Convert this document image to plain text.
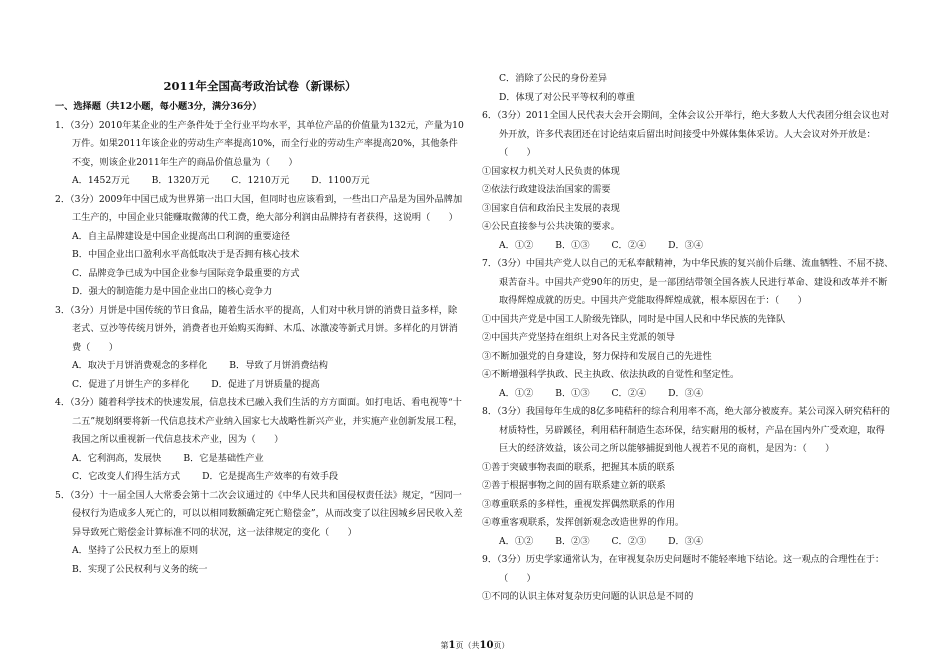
2011年全国高考政治试卷（新课标）
一、选择题（共12小题，每小题3分，满分36分）
1．（3分）2010年某企业的生产条件处于全行业平均水平，其单位产品的价值量为132元，产量为10万件。如果2011年该企业的劳动生产率提高10%，而全行业的劳动生产率提高20%，其他条件不变，则该企业2011年生产的商品价值总量为（　　）
A．1452万元 B．1320万元 C．1210万元 D．1100万元
2．（3分）2009年中国已成为世界第一出口大国，但同时也应该看到，一些出口产品是为国外品牌加工生产的，中国企业只能赚取微薄的代工费，绝大部分利润由品牌持有者获得，这说明（　　）
A．自主品牌建设是中国企业提高出口利润的重要途径
B．中国企业出口盈利水平高低取决于是否拥有核心技术
C．品牌竞争已成为中国企业参与国际竞争最重要的方式
D．强大的制造能力是中国企业出口的核心竞争力
3．（3分）月饼是中国传统的节日食品，随着生活水平的提高，人们对中秋月饼的消费日益多样，除老式、豆沙等传统月饼外，消费者也开始购买海鲜、木瓜、冰激凌等新式月饼。多样化的月饼消费（　　）
A．取决于月饼消费观念的多样化 B．导致了月饼消费结构
C．促进了月饼生产的多样化 D．促进了月饼质量的提高
4．（3分）随着科学技术的快速发展，信息技术已融入我们生活的方方面面。如打电话、看电视等“十二五”规划纲要将新一代信息技术产业纳入国家七大战略性新兴产业，并实施产业创新发展工程，我国之所以重视新一代信息技术产业，因为（　　）
A．它利润高，发展快 B．它是基础性产业
C．它改变人们得生活方式 D．它是提高生产效率的有效手段
5．（3分）十一届全国人大常委会第十二次会议通过的《中华人民共和国侵权责任法》规定，“因同一侵权行为造成多人死亡的，可以以相同数额确定死亡赔偿金”，从而改变了以往因城乡居民收入差异导致死亡赔偿金计算标准不同的状况，这一法律规定的变化（　　）
A．坚持了公民权力至上的原则
B．实现了公民权利与义务的统一
C．消除了公民的身份差异
D．体现了对公民平等权利的尊重
6．（3分）2011全国人民代表大会开会期间，全体会议公开举行，绝大多数人大代表团分组会议也对外开放，许多代表团还在讨论结束后留出时间接受中外媒体集体采访。人大会议对外开放是：（　　）
①国家权力机关对人民负责的体现
②依法行政建设法治国家的需要
③国家自信和政治民主发展的表现
④公民直接参与公共决策的要求。
A．①② B．①③ C．②④ D．③④
7．（3分）中国共产党人以自己的无私奉献精神，为中华民族的复兴前仆后继、流血牺牲、不屈不挠、艰苦奋斗。中国共产党90年的历史，是一部团结带领全国各族人民进行革命、建设和改革并不断取得辉煌成就的历史。中国共产党能取得辉煌成就，根本原因在于：（　　）
①中国共产党是中国工人阶级先锋队，同时是中国人民和中华民族的先锋队
②中国共产党坚持在组织上对各民主党派的领导
③不断加强党的自身建设，努力保持和发展自己的先进性
④不断增强科学执政、民主执政、依法执政的自觉性和坚定性。
A．①② B．①③ C．②④ D．③④
8．（3分）我国每年生成的8亿多吨秸秆的综合利用率不高，绝大部分被废弃。某公司深入研究秸秆的材质特性，另辟蹊径，利用秸秆制造生态环保，结实耐用的板材，产品在国内外广受欢迎，取得巨大的经济效益，该公司之所以能够捕捉到他人视若不见的商机，是因为：（　　）
①善于突破事物表面的联系，把握其本质的联系
②善于根据事物之间的固有联系建立新的联系
③尊重联系的多样性，重视发挥偶然联系的作用
④尊重客观联系，发挥创新观念改造世界的作用。
A．①② B．②③ C．②③ D．③④
9．（3分）历史学家通常认为，在审视复杂历史问题时不能轻率地下结论。这一观点的合理性在于：（　　）
①不同的认识主体对复杂历史问题的认识总是不同的
第1页（共10页）
